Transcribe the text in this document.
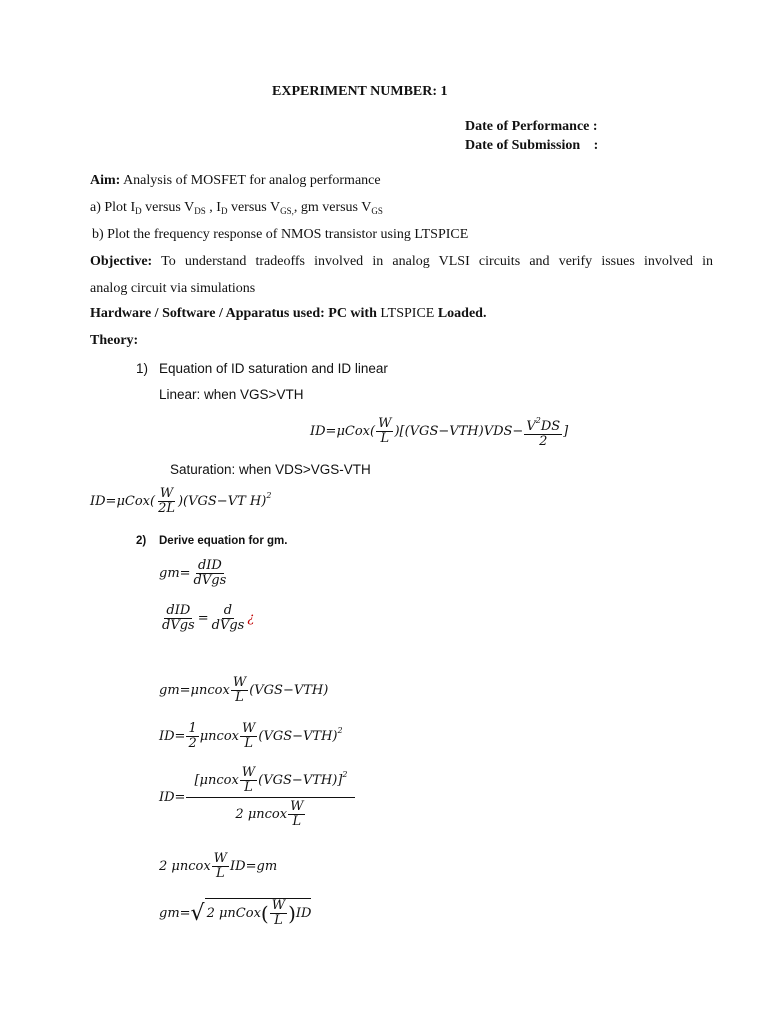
EXPERIMENT NUMBER: 1
Date of Performance :
Date of Submission :
Aim: Analysis of MOSFET for analog performance
a) Plot $I_D$ versus $V_{DS}$ , $I_D$ versus $V_{GS,}$, gm versus $V_{GS}$
b) Plot the frequency response of NMOS transistor using LTSPICE
Objective: To understand tradeoffs involved in analog VLSI circuits and verify issues involved in
analog circuit via simulations
Hardware / Software / Apparatus used: PC with LTSPICE Loaded.
Theory:
1) Equation of ID saturation and ID linear
Linear: when VGS>VTH
$ID=\mu Cox( \frac{W}{L} )[(VGS-VTH)VDS- \frac{V^2DS}{2}$ ]
Saturation: when VDS>VGS-VTH
$ID=\mu Cox( \frac{W}{2L} )(VGS-VT$ H)$^2$
2) Derive equation for gm.
$gm= \frac{\text{dID}}{\text{dVgs}}$
$\frac{\text{dID}}{\text{dVgs}} = \frac{d}{\text{dVgs}}$ ¿
gm=μncox $\frac{W}{L} (VGS-VTH)$
$ID= \frac{1}{2}$ μncox $\frac{W}{L} (VGS-VTH)^2$
$ID= \frac{[\mu ncox \frac{W}{L} (VGS-VTH)]^2}{2 \mu ncox \frac{W}{L}}$
2 μncox $\frac{W}{L} ID=gm$
gm=√ 2 μnCox( $\frac{W}{L} )ID$
